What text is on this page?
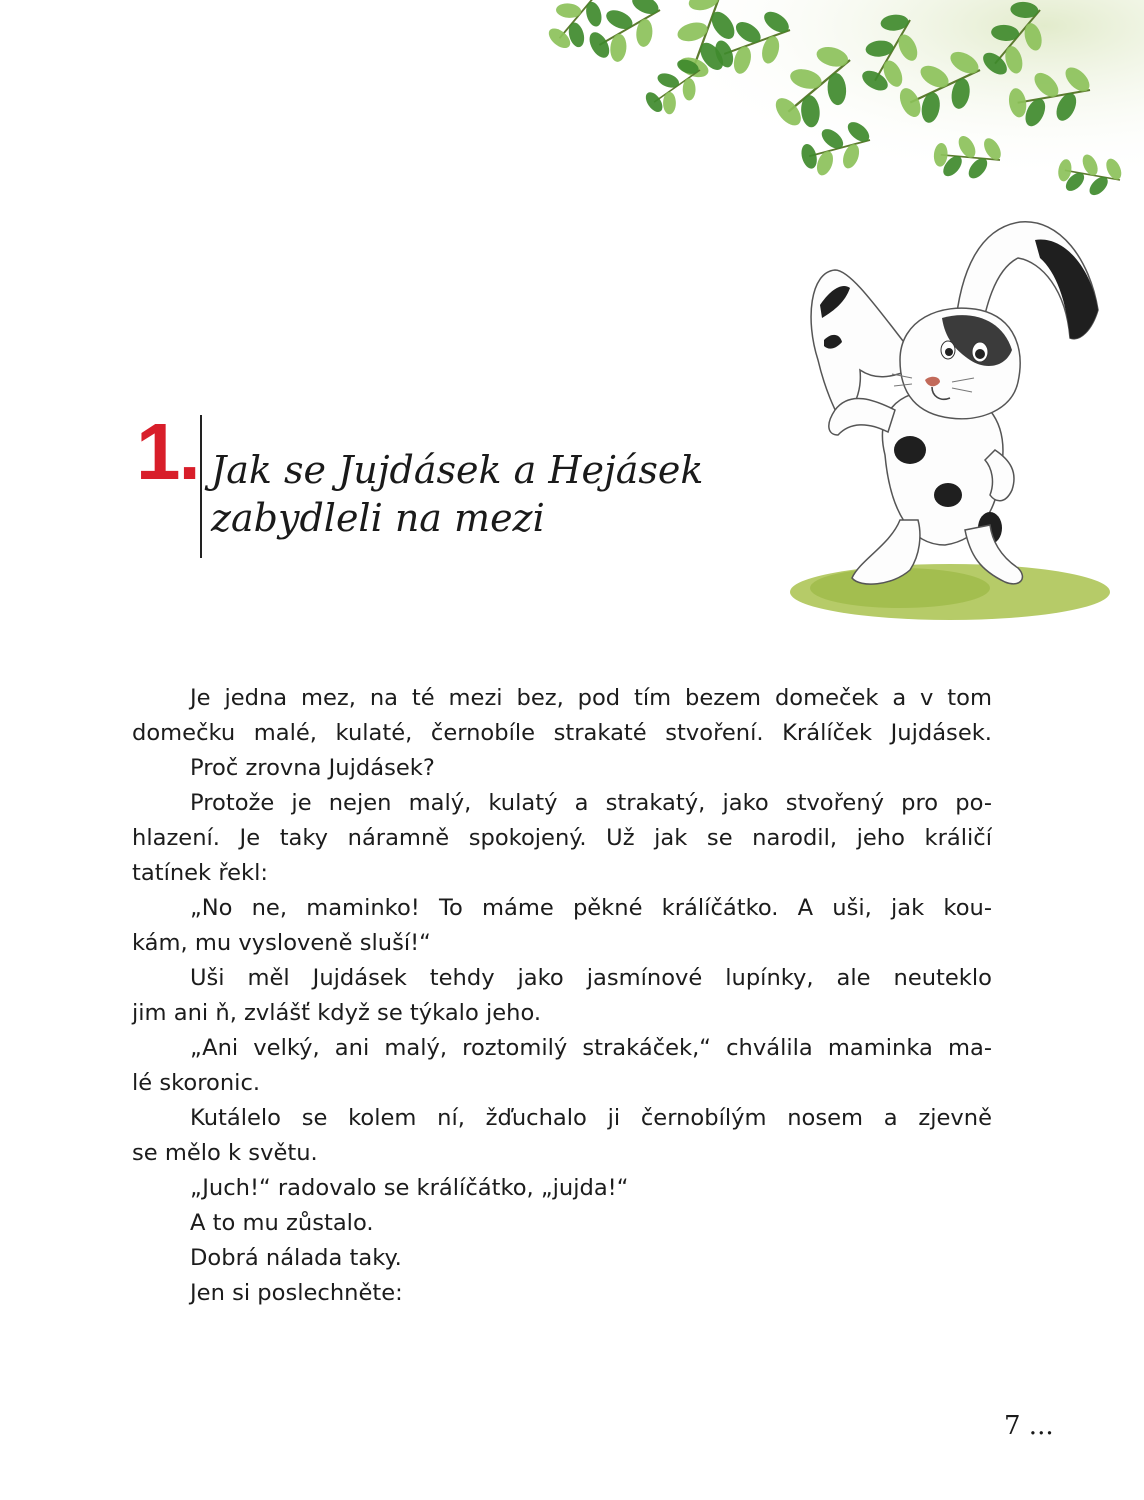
1. Jak se Jujdásek a Hejásek
zabydleli na mezi
Je jedna mez, na té mezi bez, pod tím bezem domeček a v tom
domečku malé, kulaté, černobíle strakaté stvoření. Králíček Jujdásek.
Proč zrovna Jujdásek?
Protože je nejen malý, kulatý a strakatý, jako stvořený pro po-
hlazení. Je taky náramně spokojený. Už jak se narodil, jeho králičí
tatínek řekl:
„No ne, maminko! To máme pěkné králíčátko. A uši, jak kou-
kám, mu vysloveně sluší!“
Uši měl Jujdásek tehdy jako jasmínové lupínky, ale neuteklo
jim ani ň, zvlášť když se týkalo jeho.
„Ani velký, ani malý, roztomilý strakáček,“ chválila maminka ma-
lé skoronic.
Kutálelo se kolem ní, žďuchalo ji černobílým nosem a zjevně
se mělo k světu.
„Juch!“ radovalo se králíčátko, „jujda!“
A to mu zůstalo.
Dobrá nálada taky.
Jen si poslechněte:
7 ...
